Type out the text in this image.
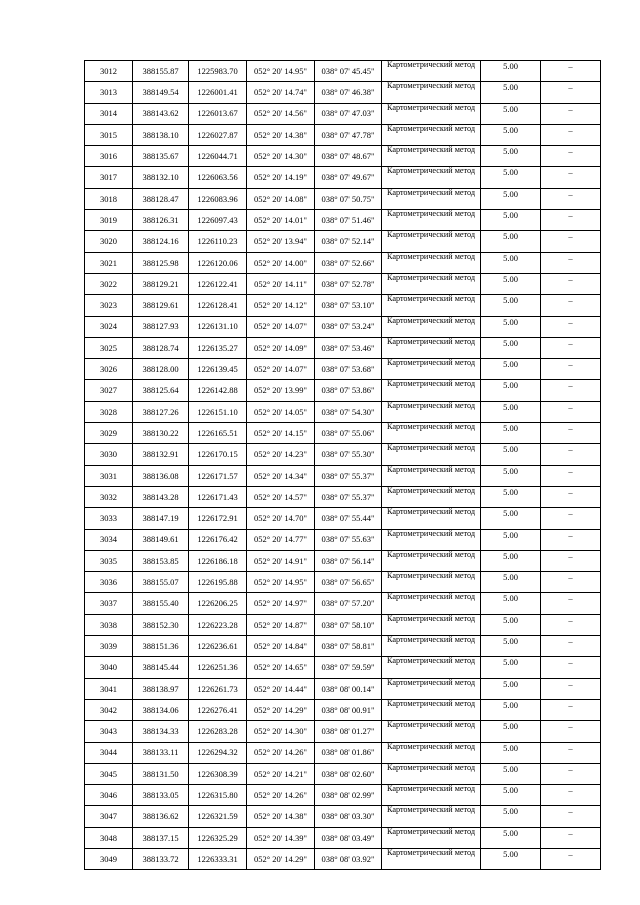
3012	388155.87	1225983.70	052° 20' 14.95"	038° 07' 45.45"	Картометрический метод	5.00	–
3013	388149.54	1226001.41	052° 20' 14.74"	038° 07' 46.38"	Картометрический метод	5.00	–
3014	388143.62	1226013.67	052° 20' 14.56"	038° 07' 47.03"	Картометрический метод	5.00	–
3015	388138.10	1226027.87	052° 20' 14.38"	038° 07' 47.78"	Картометрический метод	5.00	–
3016	388135.67	1226044.71	052° 20' 14.30"	038° 07' 48.67"	Картометрический метод	5.00	–
3017	388132.10	1226063.56	052° 20' 14.19"	038° 07' 49.67"	Картометрический метод	5.00	–
3018	388128.47	1226083.96	052° 20' 14.08"	038° 07' 50.75"	Картометрический метод	5.00	–
3019	388126.31	1226097.43	052° 20' 14.01"	038° 07' 51.46"	Картометрический метод	5.00	–
3020	388124.16	1226110.23	052° 20' 13.94"	038° 07' 52.14"	Картометрический метод	5.00	–
3021	388125.98	1226120.06	052° 20' 14.00"	038° 07' 52.66"	Картометрический метод	5.00	–
3022	388129.21	1226122.41	052° 20' 14.11"	038° 07' 52.78"	Картометрический метод	5.00	–
3023	388129.61	1226128.41	052° 20' 14.12"	038° 07' 53.10"	Картометрический метод	5.00	–
3024	388127.93	1226131.10	052° 20' 14.07"	038° 07' 53.24"	Картометрический метод	5.00	–
3025	388128.74	1226135.27	052° 20' 14.09"	038° 07' 53.46"	Картометрический метод	5.00	–
3026	388128.00	1226139.45	052° 20' 14.07"	038° 07' 53.68"	Картометрический метод	5.00	–
3027	388125.64	1226142.88	052° 20' 13.99"	038° 07' 53.86"	Картометрический метод	5.00	–
3028	388127.26	1226151.10	052° 20' 14.05"	038° 07' 54.30"	Картометрический метод	5.00	–
3029	388130.22	1226165.51	052° 20' 14.15"	038° 07' 55.06"	Картометрический метод	5.00	–
3030	388132.91	1226170.15	052° 20' 14.23"	038° 07' 55.30"	Картометрический метод	5.00	–
3031	388136.08	1226171.57	052° 20' 14.34"	038° 07' 55.37"	Картометрический метод	5.00	–
3032	388143.28	1226171.43	052° 20' 14.57"	038° 07' 55.37"	Картометрический метод	5.00	–
3033	388147.19	1226172.91	052° 20' 14.70"	038° 07' 55.44"	Картометрический метод	5.00	–
3034	388149.61	1226176.42	052° 20' 14.77"	038° 07' 55.63"	Картометрический метод	5.00	–
3035	388153.85	1226186.18	052° 20' 14.91"	038° 07' 56.14"	Картометрический метод	5.00	–
3036	388155.07	1226195.88	052° 20' 14.95"	038° 07' 56.65"	Картометрический метод	5.00	–
3037	388155.40	1226206.25	052° 20' 14.97"	038° 07' 57.20"	Картометрический метод	5.00	–
3038	388152.30	1226223.28	052° 20' 14.87"	038° 07' 58.10"	Картометрический метод	5.00	–
3039	388151.36	1226236.61	052° 20' 14.84"	038° 07' 58.81"	Картометрический метод	5.00	–
3040	388145.44	1226251.36	052° 20' 14.65"	038° 07' 59.59"	Картометрический метод	5.00	–
3041	388138.97	1226261.73	052° 20' 14.44"	038° 08' 00.14"	Картометрический метод	5.00	–
3042	388134.06	1226276.41	052° 20' 14.29"	038° 08' 00.91"	Картометрический метод	5.00	–
3043	388134.33	1226283.28	052° 20' 14.30"	038° 08' 01.27"	Картометрический метод	5.00	–
3044	388133.11	1226294.32	052° 20' 14.26"	038° 08' 01.86"	Картометрический метод	5.00	–
3045	388131.50	1226308.39	052° 20' 14.21"	038° 08' 02.60"	Картометрический метод	5.00	–
3046	388133.05	1226315.80	052° 20' 14.26"	038° 08' 02.99"	Картометрический метод	5.00	–
3047	388136.62	1226321.59	052° 20' 14.38"	038° 08' 03.30"	Картометрический метод	5.00	–
3048	388137.15	1226325.29	052° 20' 14.39"	038° 08' 03.49"	Картометрический метод	5.00	–
3049	388133.72	1226333.31	052° 20' 14.29"	038° 08' 03.92"	Картометрический метод	5.00	–
